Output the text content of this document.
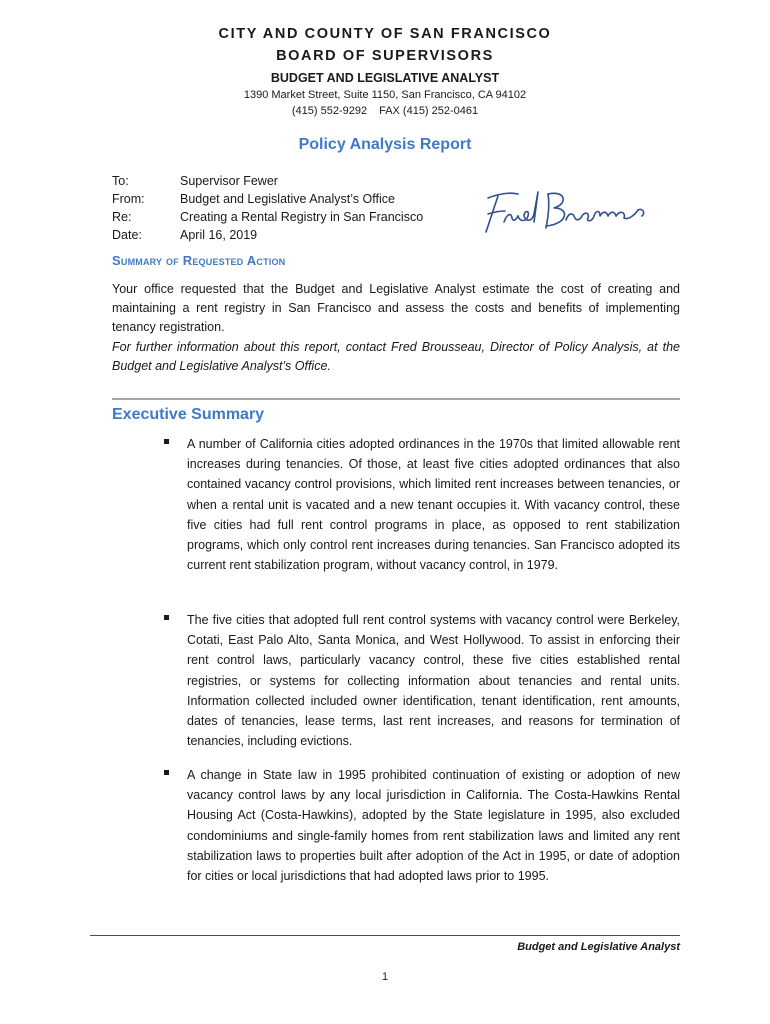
CITY AND COUNTY OF SAN FRANCISCO
BOARD OF SUPERVISORS
BUDGET AND LEGISLATIVE ANALYST
1390 Market Street, Suite 1150, San Francisco, CA 94102
(415) 552-9292 FAX (415) 252-0461
Policy Analysis Report
To:	Supervisor Fewer
From:	Budget and Legislative Analyst’s Office
Re:	Creating a Rental Registry in San Francisco
Date:	April 16, 2019
Summary of Requested Action

Your office requested that the Budget and Legislative Analyst estimate the cost of creating and maintaining a rent registry in San Francisco and assess the costs and benefits of implementing tenancy registration.

For further information about this report, contact Fred Brousseau, Director of Policy Analysis, at the Budget and Legislative Analyst’s Office.

Executive Summary

A number of California cities adopted ordinances in the 1970s that limited allowable rent increases during tenancies. Of those, at least five cities adopted ordinances that also contained vacancy control provisions, which limited rent increases between tenancies, or when a rental unit is vacated and a new tenant occupies it. With vacancy control, these five cities had full rent control programs in place, as opposed to rent stabilization programs, which only control rent increases during tenancies. San Francisco adopted its current rent stabilization program, without vacancy control, in 1979.

The five cities that adopted full rent control systems with vacancy control were Berkeley, Cotati, East Palo Alto, Santa Monica, and West Hollywood. To assist in enforcing their rent control laws, particularly vacancy control, these five cities established rental registries, or systems for collecting information about tenancies and rental units. Information collected included owner identification, tenant identification, rent amounts, dates of tenancies, lease terms, last rent increases, and reasons for termination of tenancies, including evictions.

A change in State law in 1995 prohibited continuation of existing or adoption of new vacancy control laws by any local jurisdiction in California. The Costa-Hawkins Rental Housing Act (Costa-Hawkins), adopted by the State legislature in 1995, also excluded condominiums and single-family homes from rent stabilization laws and limited any rent stabilization laws to properties built after adoption of the Act in 1995, or date of adoption for cities or local jurisdictions that had adopted laws prior to 1995.

Budget and Legislative Analyst
1
